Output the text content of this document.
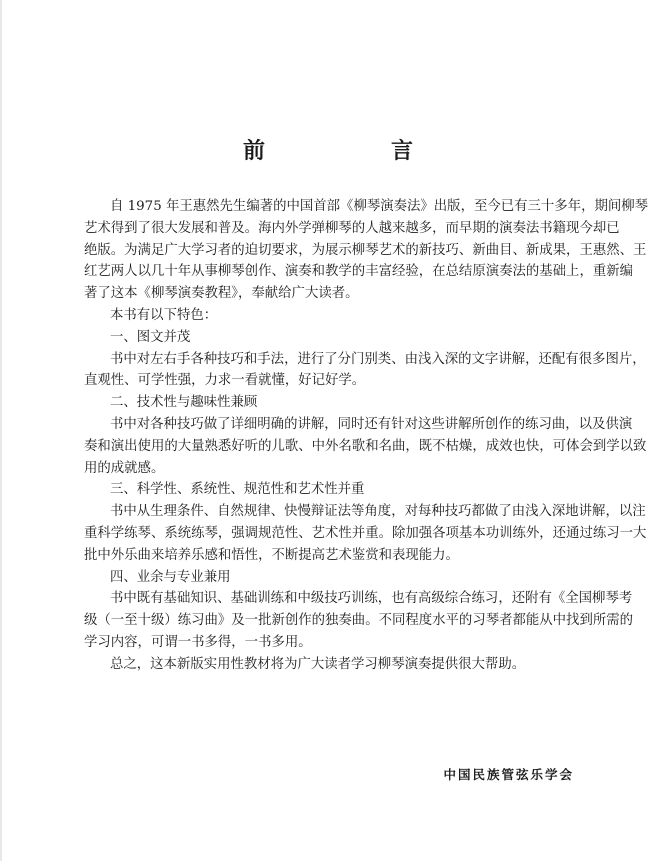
前　言
自 1975 年王惠然先生编著的中国首部《柳琴演奏法》出版，至今已有三十多年，期间柳琴
艺术得到了很大发展和普及。海内外学弹柳琴的人越来越多，而早期的演奏法书籍现今却已
绝版。为满足广大学习者的迫切要求，为展示柳琴艺术的新技巧、新曲目、新成果，王惠然、王
红艺两人以几十年从事柳琴创作、演奏和教学的丰富经验，在总结原演奏法的基础上，重新编
著了这本《柳琴演奏教程》，奉献给广大读者。
本书有以下特色：
一、图文并茂
书中对左右手各种技巧和手法，进行了分门别类、由浅入深的文字讲解，还配有很多图片，
直观性、可学性强，力求一看就懂，好记好学。
二、技术性与趣味性兼顾
书中对各种技巧做了详细明确的讲解，同时还有针对这些讲解所创作的练习曲，以及供演
奏和演出使用的大量熟悉好听的儿歌、中外名歌和名曲，既不枯燥，成效也快，可体会到学以致
用的成就感。
三、科学性、系统性、规范性和艺术性并重
书中从生理条件、自然规律、快慢辩证法等角度，对每种技巧都做了由浅入深地讲解，以注
重科学练琴、系统练琴，强调规范性、艺术性并重。除加强各项基本功训练外，还通过练习一大
批中外乐曲来培养乐感和悟性，不断提高艺术鉴赏和表现能力。
四、业余与专业兼用
书中既有基础知识、基础训练和中级技巧训练，也有高级综合练习，还附有《全国柳琴考
级（一至十级）练习曲》及一批新创作的独奏曲。不同程度水平的习琴者都能从中找到所需的
学习内容，可谓一书多得，一书多用。
总之，这本新版实用性教材将为广大读者学习柳琴演奏提供很大帮助。
中国民族管弦乐学会
